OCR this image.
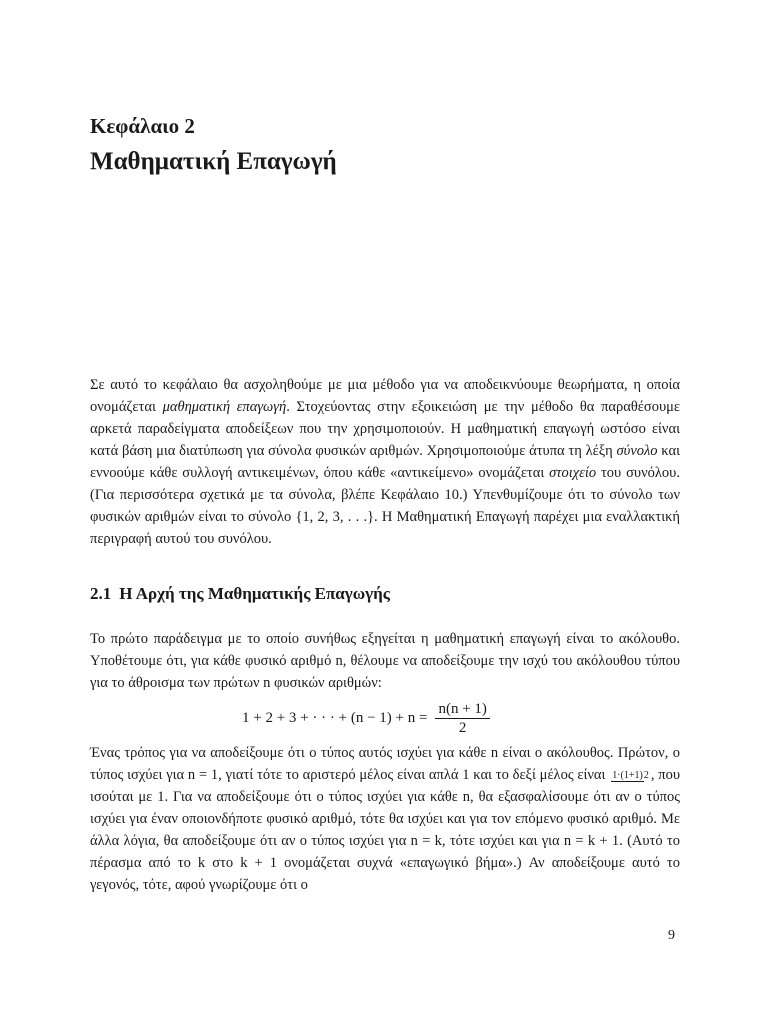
Κεφάλαιο 2
Μαθηματική Επαγωγή

Σε αυτό το κεφάλαιο θα ασχοληθούμε με μια μέθοδο για να αποδεικνύουμε θεωρήματα, η οποία ονομάζεται μαθηματική επαγωγή. Στοχεύοντας στην εξοικειώση με την μέθοδο θα παραθέσουμε αρκετά παραδείγματα αποδείξεων που την χρησιμοποιούν. Η μαθηματική επαγωγή ωστόσο είναι κατά βάση μια διατύπωση για σύνολα φυσικών αριθμών. Χρησιμοποιούμε άτυπα τη λέξη σύνολο και εννοούμε κάθε συλλογή αντικειμένων, όπου κάθε «αντικείμενο» ονομάζεται στοιχείο του συνόλου. (Για περισσότερα σχετικά με τα σύνολα, βλέπε Κεφάλαιο 10.) Υπενθυμίζουμε ότι το σύνολο των φυσικών αριθμών είναι το σύνολο {1, 2, 3, . . .}. Η Μαθηματική Επαγωγή παρέχει μια εναλλακτική περιγραφή αυτού του συνόλου.

2.1 Η Αρχή της Μαθηματικής Επαγωγής

Το πρώτο παράδειγμα με το οποίο συνήθως εξηγείται η μαθηματική επαγωγή είναι το ακόλουθο. Υποθέτουμε ότι, για κάθε φυσικό αριθμό n, θέλουμε να αποδείξουμε την ισχύ του ακόλουθου τύπου για το άθροισμα των πρώτων n φυσικών αριθμών:

1 + 2 + 3 + · · · + $(n - 1) + n = \frac{n(n + 1)}{2}$

Ένας τρόπος για να αποδείξουμε ότι ο τύπος αυτός ισχύει για κάθε n είναι ο ακόλουθος. Πρώτον, ο τύπος ισχύει για n = 1, γιατί τότε το αριστερό μέλος είναι απλά 1 και το δεξί μέλος είναι 1·(1+1)2 , που ισούται με 1. Για να αποδείξουμε ότι ο τύπος ισχύει για κάθε n, θα εξασφαλίσουμε ότι αν ο τύπος ισχύει για έναν οποιονδήποτε φυσικό αριθμό, τότε θα ισχύει και για τον επόμενο φυσικό αριθμό. Με άλλα λόγια, θα αποδείξουμε ότι αν ο τύπος ισχύει για n = k, τότε ισχύει και για n = k + 1. (Αυτό το πέρασμα από το k στο k + 1 ονομάζεται συχνά «επαγωγικό βήμα».) Αν αποδείξουμε αυτό το γεγονός, τότε, αφού γνωρίζουμε ότι ο

9
